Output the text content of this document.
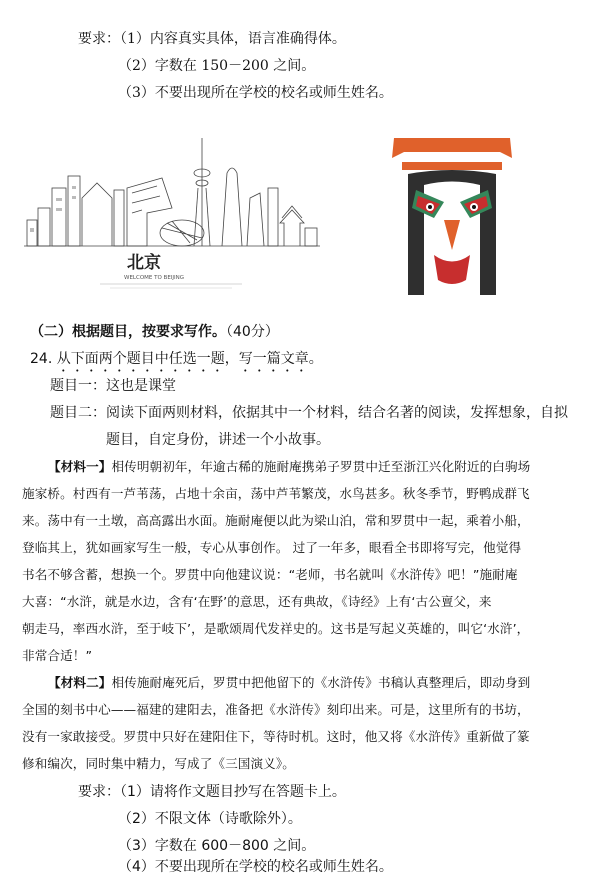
要求：（1）内容真实具体，语言准确得体。
（2）字数在 150－200 之间。
（3）不要出现所在学校的校名或师生姓名。
北京
WELCOME TO BEIJING
（二）根据题目，按要求写作。（40分）
24. 从下面两个题目中任选一题，写一篇文章。
题目一：这也是课堂
题目二：阅读下面两则材料，依据其中一个材料，结合名著的阅读，发挥想象，自拟
题目，自定身份，讲述一个小故事。
【材料一】相传明朝初年，年逾古稀的施耐庵携弟子罗贯中迁至浙江兴化附近的白驹场
施家桥。村西有一芦苇荡，占地十余亩，荡中芦苇繁茂，水鸟甚多。秋冬季节，野鸭成群飞
来。荡中有一土墩，高高露出水面。施耐庵便以此为梁山泊，常和罗贯中一起，乘着小船，
登临其上，犹如画家写生一般，专心从事创作。 过了一年多，眼看全书即将写完，他觉得
书名不够含蓄，想换一个。罗贯中向他建议说：“老师，书名就叫《水浒传》吧！”施耐庵
大喜：“水浒，就是水边，含有‘在野’的意思，还有典故，《诗经》上有‘古公亶父，来
朝走马，率西水浒，至于岐下’，是歌颂周代发祥史的。这书是写起义英雄的，叫它‘水浒’，
非常合适！”
【材料二】相传施耐庵死后，罗贯中把他留下的《水浒传》书稿认真整理后，即动身到
全国的刻书中心——福建的建阳去，准备把《水浒传》刻印出来。可是，这里所有的书坊，
没有一家敢接受。罗贯中只好在建阳住下，等待时机。这时，他又将《水浒传》重新做了篆
修和编次，同时集中精力，写成了《三国演义》。
要求：（1）请将作文题目抄写在答题卡上。
（2）不限文体（诗歌除外）。
（3）字数在 600－800 之间。
（4）不要出现所在学校的校名或师生姓名。
